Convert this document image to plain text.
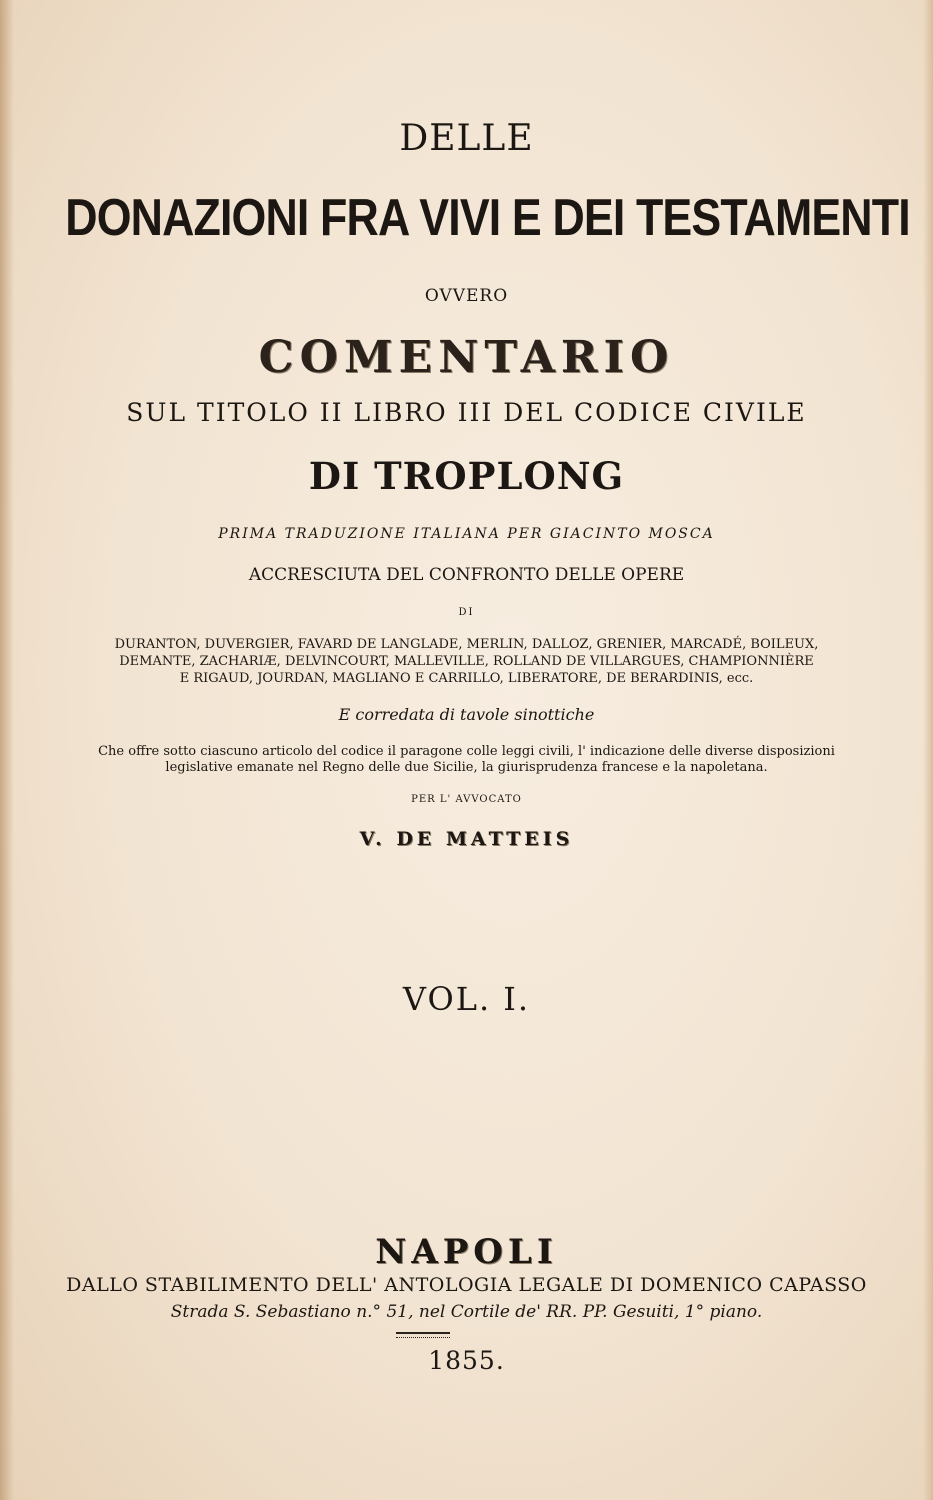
DELLE
DONAZIONI FRA VIVI E DEI TESTAMENTI
OVVERO
COMENTARIO
SUL TITOLO II LIBRO III DEL CODICE CIVILE
DI TROPLONG
PRIMA TRADUZIONE ITALIANA PER GIACINTO MOSCA
ACCRESCIUTA DEL CONFRONTO DELLE OPERE
DI
DURANTON, DUVERGIER, FAVARD DE LANGLADE, MERLIN, DALLOZ, GRENIER, MARCADÉ, BOILEUX,
DEMANTE, ZACHARIÆ, DELVINCOURT, MALLEVILLE, ROLLAND DE VILLARGUES, CHAMPIONNIÈRE
E RIGAUD, JOURDAN, MAGLIANO E CARRILLO, LIBERATORE, DE BERARDINIS, ecc.
E corredata di tavole sinottiche
Che offre sotto ciascuno articolo del codice il paragone colle leggi civili, l' indicazione delle diverse disposizioni
legislative emanate nel Regno delle due Sicilie, la giurisprudenza francese e la napoletana.
PER L' AVVOCATO
V. DE MATTEIS
VOL. I.
NAPOLI
DALLO STABILIMENTO DELL' ANTOLOGIA LEGALE DI DOMENICO CAPASSO
Strada S. Sebastiano n.° 51, nel Cortile de' RR. PP. Gesuiti, 1° piano.
1855.
